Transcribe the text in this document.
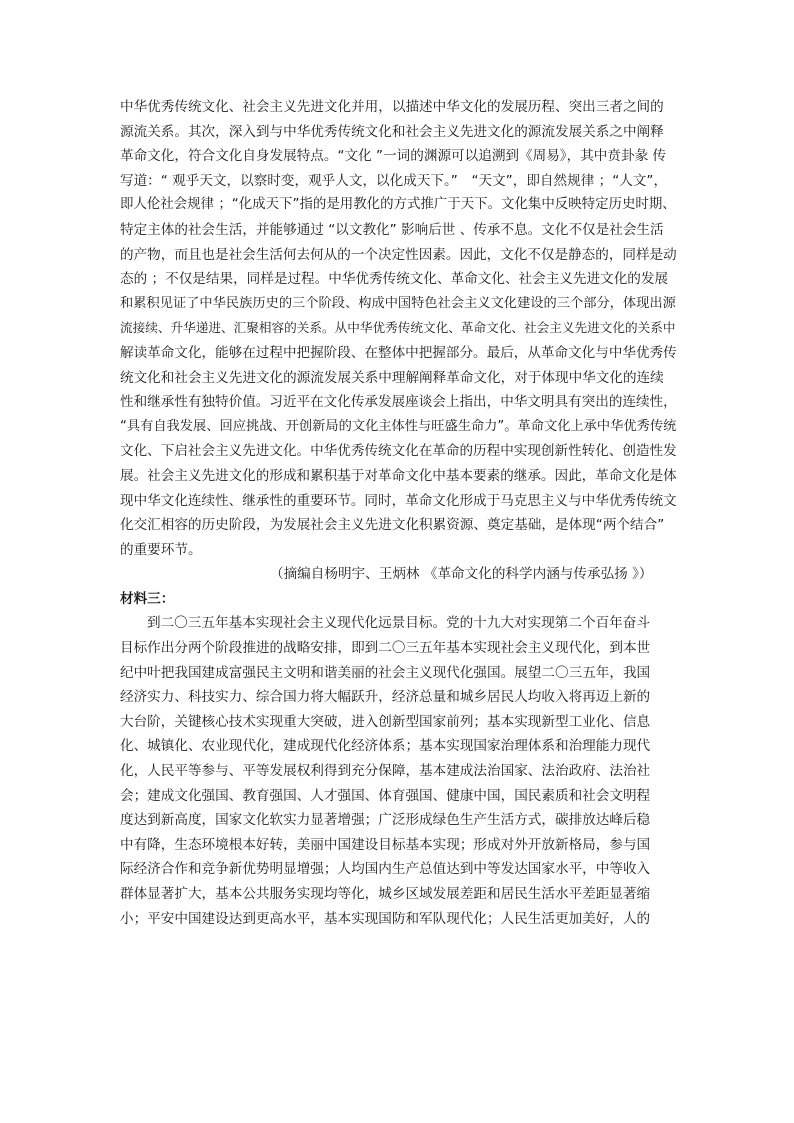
中华优秀传统文化、社会主义先进文化并用，以描述中华文化的发展历程、突出三者之间的
源流关系。其次，深入到与中华优秀传统文化和社会主义先进文化的源流发展关系之中阐释
革命文化，符合文化自身发展特点。“文化 ”一词的渊源可以追溯到《周易》，其中贲卦彖 传
写道：“ 观乎天文，以察时变，观乎人文，以化成天下。”　“天文”，即自然规律 ；“人文”，
即人伦社会规律 ；“化成天下”指的是用教化的方式推广于天下。文化集中反映特定历史时期、
特定主体的社会生活，并能够通过 “以文教化” 影响后世 、传承不息。文化不仅是社会生活
的产物，而且也是社会生活何去何从的一个决定性因素。因此，文化不仅是静态的，同样是动
态的 ；不仅是结果，同样是过程。中华优秀传统文化、革命文化、社会主义先进文化的发展
和累积见证了中华民族历史的三个阶段、构成中国特色社会主义文化建设的三个部分，体现出源
流接续、升华递进、汇聚相容的关系。从中华优秀传统文化、革命文化、社会主义先进文化的关系中
解读革命文化，能够在过程中把握阶段、在整体中把握部分。最后，从革命文化与中华优秀传
统文化和社会主义先进文化的源流发展关系中理解阐释革命文化，对于体现中华文化的连续
性和继承性有独特价值。习近平在文化传承发展座谈会上指出，中华文明具有突出的连续性，
“具有自我发展、回应挑战、开创新局的文化主体性与旺盛生命力”。革命文化上承中华优秀传统
文化、下启社会主义先进文化。中华优秀传统文化在革命的历程中实现创新性转化、创造性发
展。社会主义先进文化的形成和累积基于对革命文化中基本要素的继承。因此，革命文化是体
现中华文化连续性、继承性的重要环节。同时，革命文化形成于马克思主义与中华优秀传统文
化交汇相容的历史阶段，为发展社会主义先进文化积累资源、奠定基础，是体现“两个结合”
的重要环节。
（摘编自杨明宇、王炳林 《革命文化的科学内涵与传承弘扬 》）
材料三：
到二〇三五年基本实现社会主义现代化远景目标。党的十九大对实现第二个百年奋斗
目标作出分两个阶段推进的战略安排，即到二〇三五年基本实现社会主义现代化，到本世
纪中叶把我国建成富强民主文明和谐美丽的社会主义现代化强国。展望二〇三五年，我国
经济实力、科技实力、综合国力将大幅跃升，经济总量和城乡居民人均收入将再迈上新的
大台阶，关键核心技术实现重大突破，进入创新型国家前列；基本实现新型工业化、信息
化、城镇化、农业现代化，建成现代化经济体系；基本实现国家治理体系和治理能力现代
化，人民平等参与、平等发展权利得到充分保障，基本建成法治国家、法治政府、法治社
会；建成文化强国、教育强国、人才强国、体育强国、健康中国，国民素质和社会文明程
度达到新高度，国家文化软实力显著增强；广泛形成绿色生产生活方式，碳排放达峰后稳
中有降，生态环境根本好转，美丽中国建设目标基本实现；形成对外开放新格局，参与国
际经济合作和竞争新优势明显增强；人均国内生产总值达到中等发达国家水平，中等收入
群体显著扩大，基本公共服务实现均等化，城乡区域发展差距和居民生活水平差距显著缩
小；平安中国建设达到更高水平，基本实现国防和军队现代化；人民生活更加美好，人的
